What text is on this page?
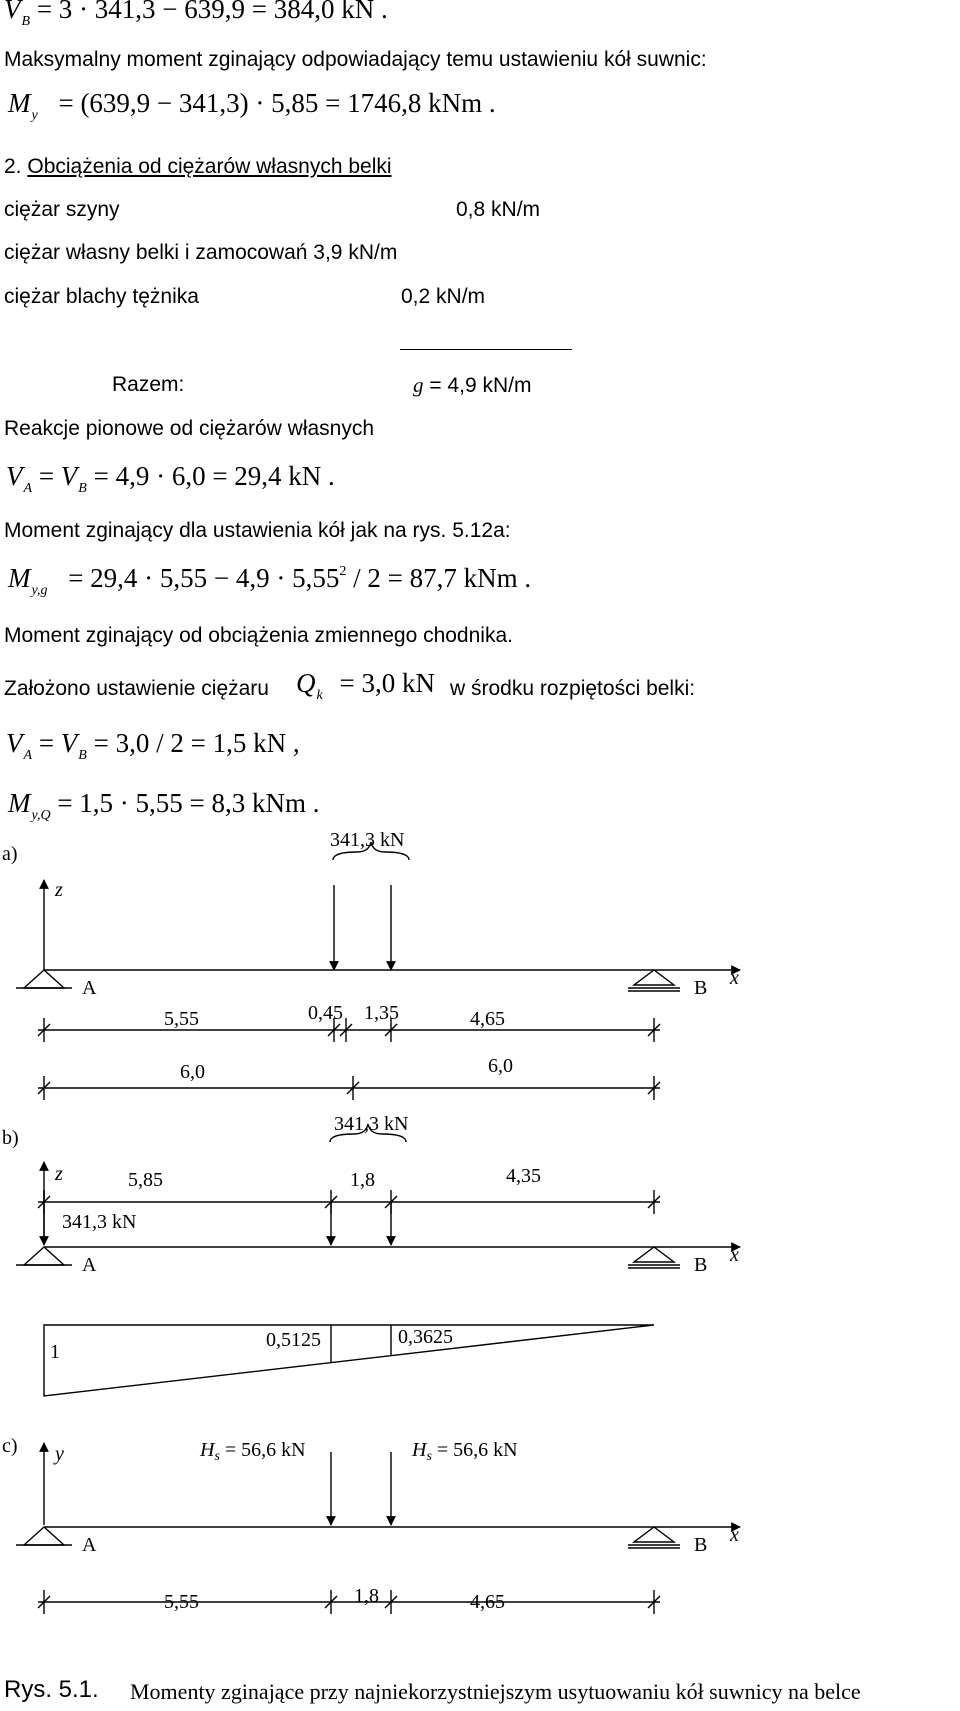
$V_B = 3 \cdot 341,3 - 639,9 = 384,0$ kN .
Maksymalny moment zginający odpowiadający temu ustawieniu kół suwnic:
$M_y = (639,9 - 341,3) \cdot 5,85 = 1746,8$ kNm .
2. Obciążenia od ciężarów własnych belki
ciężar szyny	0,8 kN/m
ciężar własny belki i zamocowań 3,9 kN/m
ciężar blachy tężnika	0,2 kN/m
Razem:	g = 4,9 kN/m
Reakcje pionowe od ciężarów własnych
$V_A = V_B = 4,9 \cdot 6,0 = 29,4$ kN .
Moment zginający dla ustawienia kół jak na rys. 5.12a:
$M_{y,g} = 29,4 \cdot 5,55 - 4,9 \cdot 5,55^2 / 2 = 87,7$ kNm .
Moment zginający od obciążenia zmiennego chodnika.
Założono ustawienie ciężaru $Q_k = 3,0$ kN w środku rozpiętości belki:
$V_A = V_B = 3,0 / 2 = 1,5$ kN ,
$M_{y,Q} = 1,5 \cdot 5,55 = 8,3$ kNm .
a)
341,3 kN
z
A	B x
5,55	0,45 1,35	4,65
6,0	6,0
b)
341,3 kN
z	5,85	1,8	4,35
341,3 kN
A	B x
1
0,5125	0,3625
c) y	$H_s = 56,6$ kN	$H_s = 56,6$ kN
A	B x
5,55	1,8	4,65
Rys. 5.1. Momenty zginające przy najniekorzystniejszym usytuowaniu kół suwnicy na belce
